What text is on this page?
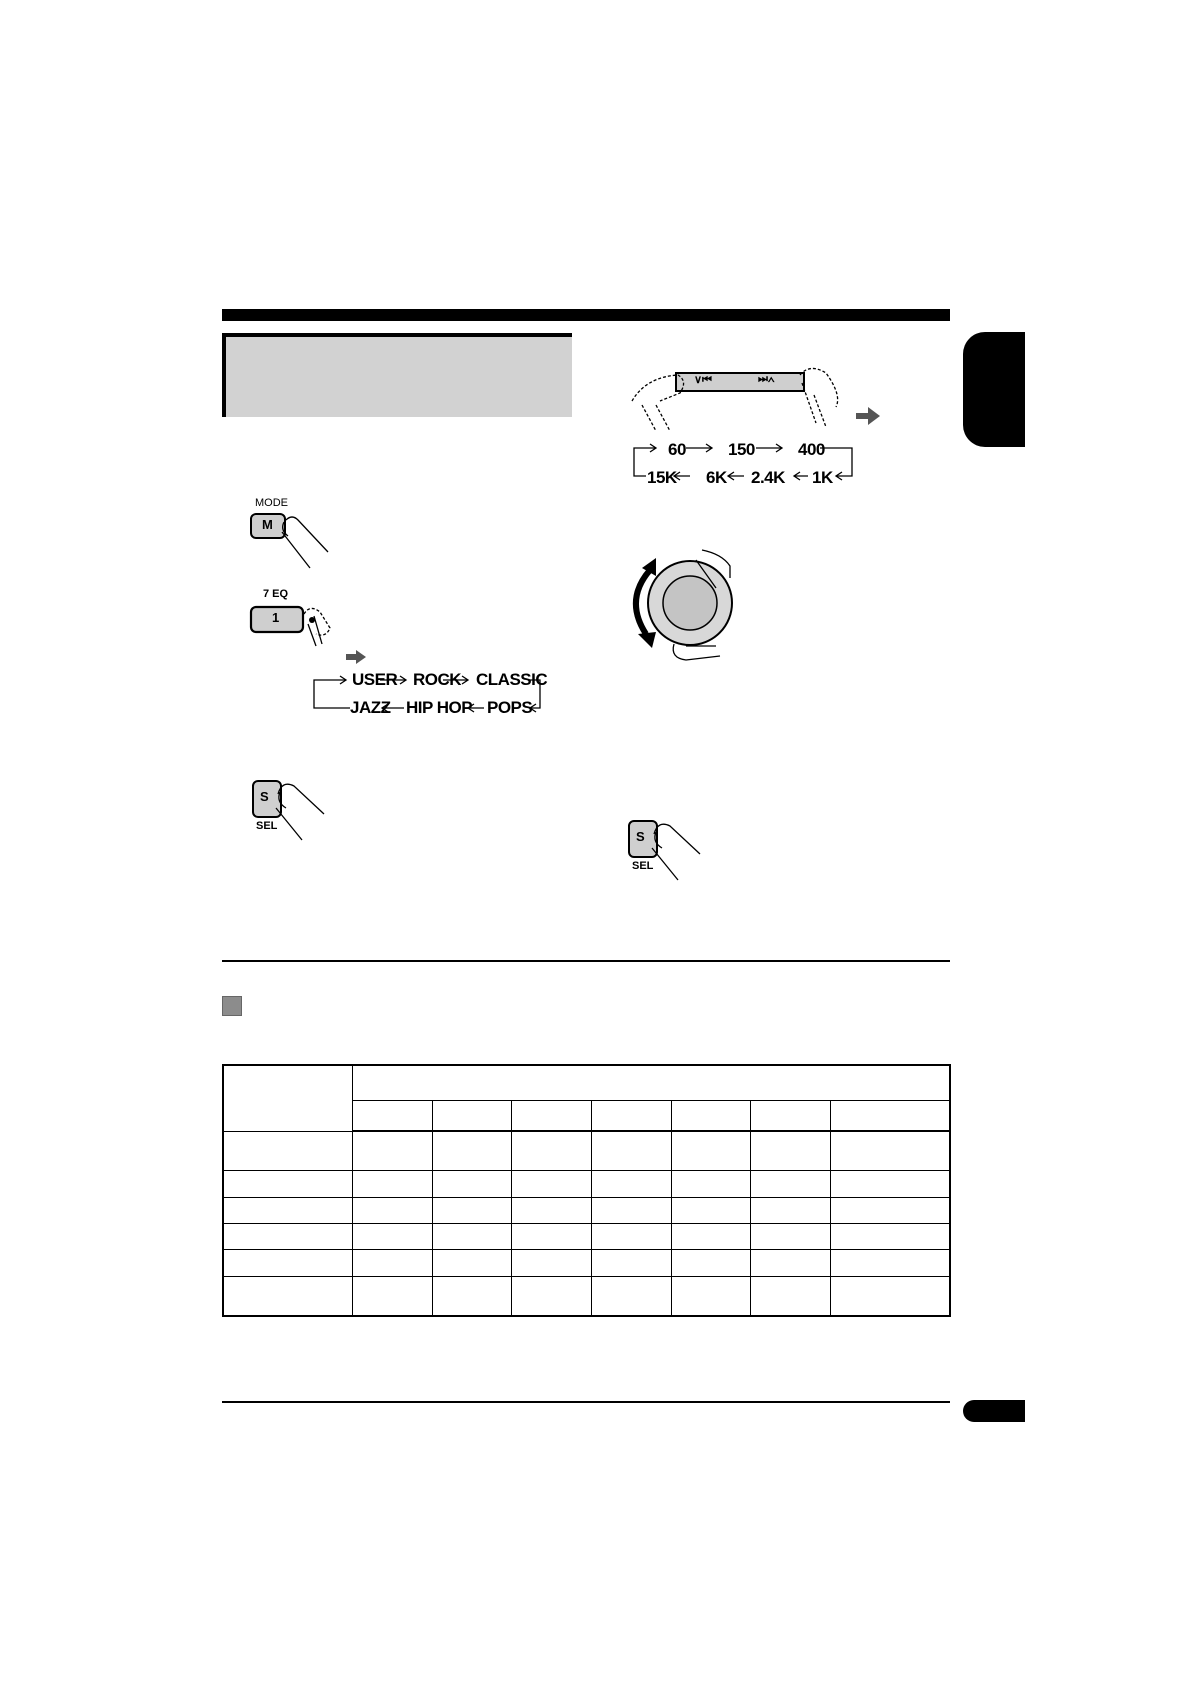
MODE
M
7 EQ
1
USER ROCK CLASSIC
JAZZ HIP HOP POPS
S
SEL
∨⏮	⏭∧
60 150	400
15K 6K 2.4K 1K
S
SEL
